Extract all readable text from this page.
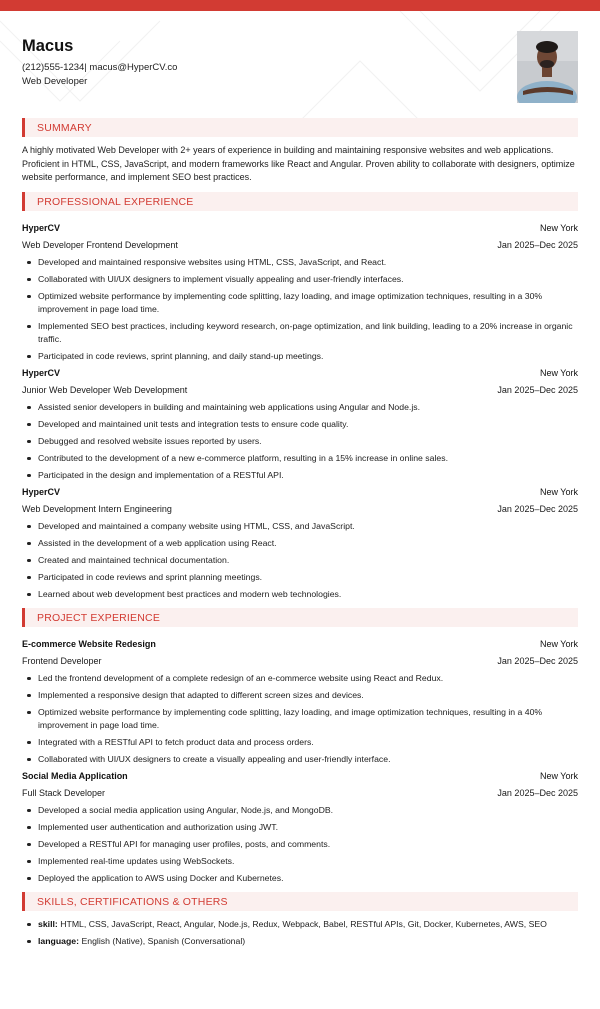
Macus
(212)555-1234| macus@HyperCV.co
Web Developer
SUMMARY

A highly motivated Web Developer with 2+ years of experience in building and maintaining responsive websites and web applications. Proficient in HTML, CSS, JavaScript, and modern frameworks like React and Angular. Proven ability to collaborate with designers, optimize website performance, and implement SEO best practices.

PROFESSIONAL EXPERIENCE
HyperCV	New York
Web Developer Frontend Development	Jan 2025–Dec 2025
Developed and maintained responsive websites using HTML, CSS, JavaScript, and React.
Collaborated with UI/UX designers to implement visually appealing and user-friendly interfaces.
Optimized website performance by implementing code splitting, lazy loading, and image optimization techniques, resulting in a 30% improvement in page load time.
Implemented SEO best practices, including keyword research, on-page optimization, and link building, leading to a 20% increase in organic traffic.
Participated in code reviews, sprint planning, and daily stand-up meetings.
HyperCV	New York
Junior Web Developer Web Development	Jan 2025–Dec 2025
Assisted senior developers in building and maintaining web applications using Angular and Node.js.
Developed and maintained unit tests and integration tests to ensure code quality.
Debugged and resolved website issues reported by users.
Contributed to the development of a new e-commerce platform, resulting in a 15% increase in online sales.
Participated in the design and implementation of a RESTful API.
HyperCV	New York
Web Development Intern Engineering	Jan 2025–Dec 2025
Developed and maintained a company website using HTML, CSS, and JavaScript.
Assisted in the development of a web application using React.
Created and maintained technical documentation.
Participated in code reviews and sprint planning meetings.
Learned about web development best practices and modern web technologies.
PROJECT EXPERIENCE
E-commerce Website Redesign	New York
Frontend Developer	Jan 2025–Dec 2025
Led the frontend development of a complete redesign of an e-commerce website using React and Redux.
Implemented a responsive design that adapted to different screen sizes and devices.
Optimized website performance by implementing code splitting, lazy loading, and image optimization techniques, resulting in a 40% improvement in page load time.
Integrated with a RESTful API to fetch product data and process orders.
Collaborated with UI/UX designers to create a visually appealing and user-friendly interface.
Social Media Application	New York
Full Stack Developer	Jan 2025–Dec 2025
Developed a social media application using Angular, Node.js, and MongoDB.
Implemented user authentication and authorization using JWT.
Developed a RESTful API for managing user profiles, posts, and comments.
Implemented real-time updates using WebSockets.
Deployed the application to AWS using Docker and Kubernetes.
SKILLS, CERTIFICATIONS & OTHERS
skill: HTML, CSS, JavaScript, React, Angular, Node.js, Redux, Webpack, Babel, RESTful APIs, Git, Docker, Kubernetes, AWS, SEO
language: English (Native), Spanish (Conversational)
